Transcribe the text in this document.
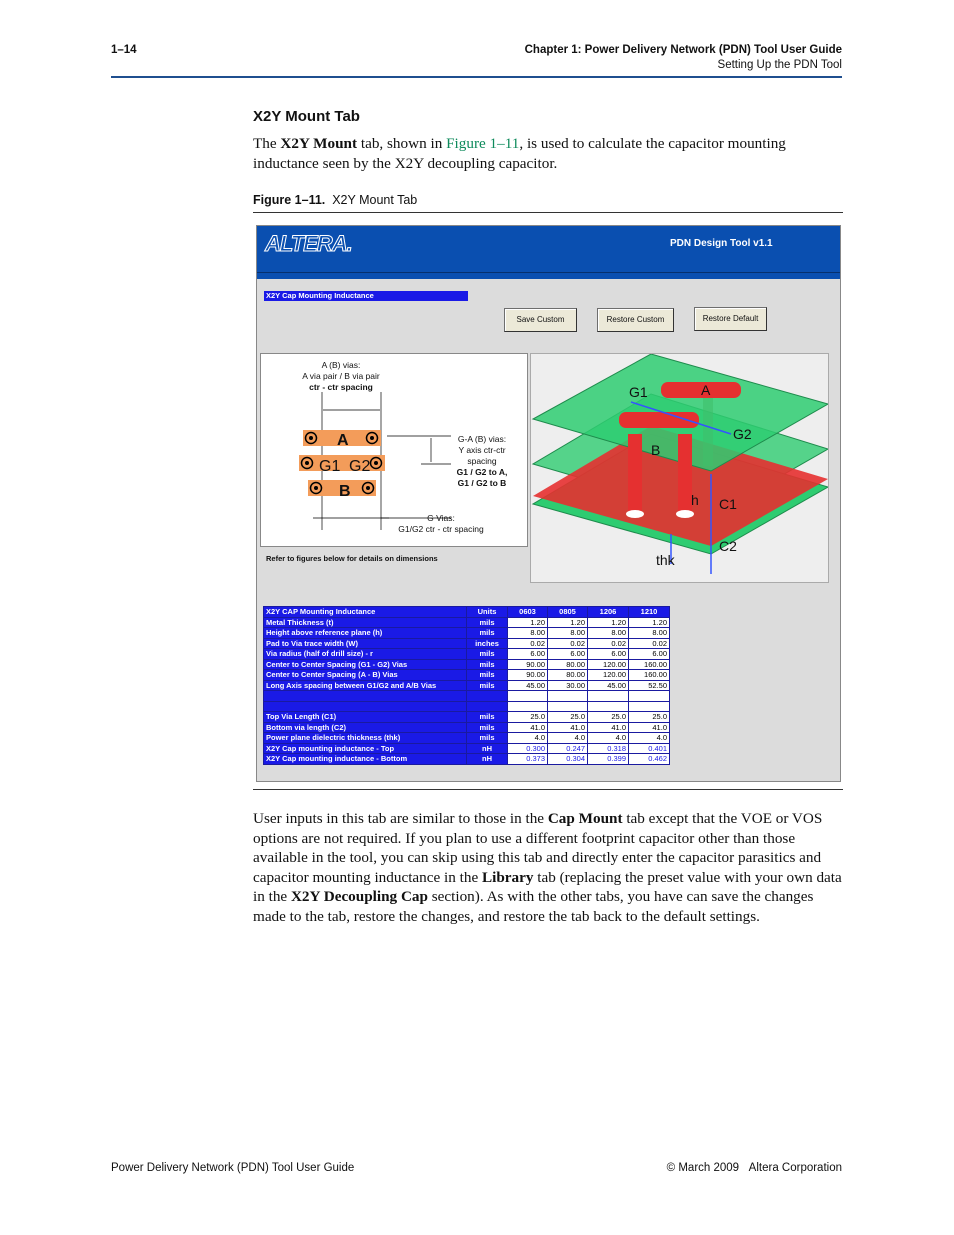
1–14	Chapter 1: Power Delivery Network (PDN) Tool User Guide
Setting Up the PDN Tool
X2Y Mount Tab

The X2Y Mount tab, shown in Figure 1–11, is used to calculate the capacitor mounting inductance seen by the X2Y decoupling capacitor.

Figure 1–11. X2Y Mount Tab
ALTERA.	PDN Design Tool v1.1
X2Y Cap Mounting Inductance
Save Custom	Restore Custom	Restore Default
A
G1 G2
B
A (B) vias:
A via pair / B via pair
ctr - ctr spacing
G-A (B) vias:
Y axis ctr-ctr
spacing
G1 / G2 to A,
G1 / G2 to B
G Vias:
G1/G2 ctr - ctr spacing
Refer to figures below for details on dimensions
G1	A
G2
B
h C1
C2
thk
X2Y CAP Mounting Inductance	Units	0603	0805	1206	1210
Metal Thickness (t)	mils	1.20	1.20	1.20	1.20
Height above reference plane (h)	mils	8.00	8.00	8.00	8.00
Pad to Via trace width (W)	inches	0.02	0.02	0.02	0.02
Via radius (half of drill size) - r	mils	6.00	6.00	6.00	6.00
Center to Center Spacing (G1 - G2) Vias	mils	90.00	80.00	120.00	160.00
Center to Center Spacing (A - B) Vias	mils	90.00	80.00	120.00	160.00
Long Axis spacing between G1/G2 and A/B Vias	mils	45.00	30.00	45.00	52.50

Top Via Length (C1)	mils	25.0	25.0	25.0	25.0
Bottom via length (C2)	mils	41.0	41.0	41.0	41.0
Power plane dielectric thickness (thk)	mils	4.0	4.0	4.0	4.0
X2Y Cap mounting inductance - Top	nH	0.300	0.247	0.318	0.401
X2Y Cap mounting inductance - Bottom	nH	0.373	0.304	0.399	0.462

User inputs in this tab are similar to those in the Cap Mount tab except that the VOE or VOS options are not required. If you plan to use a different footprint capacitor other than those available in the tool, you can skip using this tab and directly enter the capacitor parasitics and capacitor mounting inductance in the Library tab (replacing the preset value with your own data in the X2Y Decoupling Cap section). As with the other tabs, you have can save the changes made to the tab, restore the changes, and restore the tab back to the default settings.

Power Delivery Network (PDN) Tool User Guide	© March 2009 Altera Corporation
